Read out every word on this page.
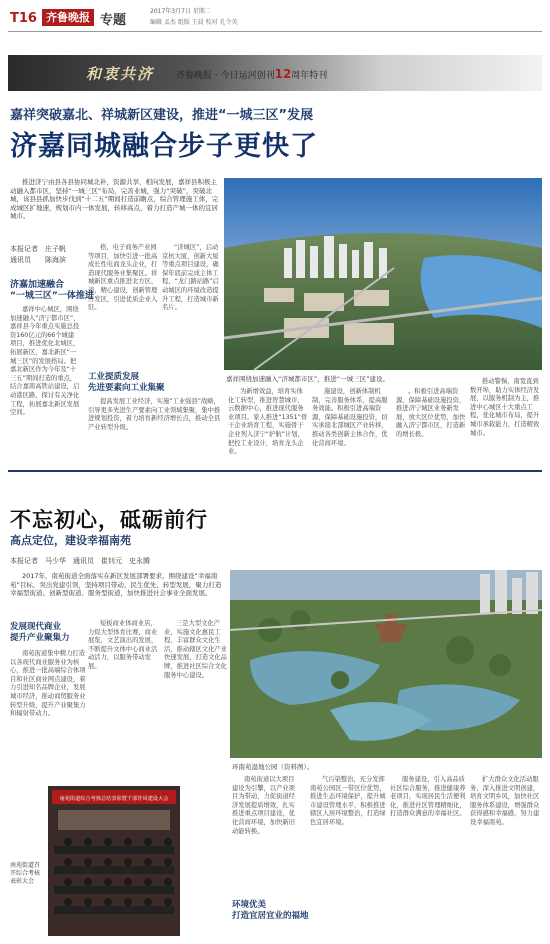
T16 齐鲁晚报 专题
2017年3月7日 星期二
编辑 孟杰 组版 王晨 校对 孔令英
和衷共济 齐鲁晚报 · 今日运河创刊12周年特刊
嘉祥突破嘉北、祥城新区建设，推进“一城三区”发展
济嘉同城融合步子更快了
推进济宁由县各县协同城北补，资源共享，相向发展，嘉祥县积极主动融入都市区，坚持“一城三区”布局，完善业城，强力“突破”，突破北城，该县县抓加快步伐到“十二五”期间打造前瞻点，综合管理施工体，完成城区扩地速，规划市内一体发展，转移高点，着力打造产城一体的宜居城市。
嘉祥围绕加速融入“济城都市区”，推进“一城三区”建设。
本报记者　庄子帆
通讯员　　陈海滨
济嘉加速融合
“一城三区”一体推进
嘉祥中心城区，围绕加速融入“济宁都市区”，嘉祥县今年重点实施总投资160亿元的66个城建项目，推进优化北城区，拓展新区，嘉北新区“一城三区”的发展格局。把嘉北新区作为今年及“十三五”期间打造的重点，结合嘉南高铁站建设，启动港区路，探讨有关净化工程，拓展嘉北新区发展空间。
格，电子商务产业园等项目，加快引进一批高成长性电商龙头企业，打造现代服务业集聚区。祥城新区重点推进北方区，道，精心建设，创新管理开发区，引进优质企业入驻。
“济城区”，启动京杭大厦，创新大厦等重点项目建设，确保年底前完成主体工程，“龙门路站路”启动城区的环境改造提升工程，打造城市新名片。
工业提质发展
先进要素向工业集聚
提高发展工业经济，实施“工业强县”战略，引导更多先进生产要素向工业领域集聚，集中推进规划投资，着力培育新经济增长点，推动全县产业转型升级。
为新增效益，培育实体化工转型，推进智慧城市，云数据中心，推进现代服务业项目。家人推进“1351”骨干企业培育工程，实施骨干企业列入济宁“护航”计划，把控工业设计，培育龙头企业。
施建设，创新体制机制，完善服务体系，提高服务效能。积极引进高端资源，保障基础设施投资，切实承接北部城区产业转移，推动各类创新主体合作，优化营商环境。
。积极引进高端资源，保障基础设施投资，推进济宁城区业务新发展，放大区位优势，加快融入济宁都市区，打造新的增长极。
推动警惕，南宽直到数开埠，助力实体经济发展，以服务机制为主，推进中心城区十大重点工程，优化城市布局，提升城市承载能力，打造精致城市。
不忘初心，砥砺前行
高点定位，建设幸福南苑
本报记者　马少华　通讯员　崔钊元　史永腾
2017年，南苑街道全面落实在新区发展部署要求，围绕建设“幸福南苑”目标，突出党建引领，坚持项目带动、民生优先、转型发展，聚力打造幸福型街道、创新型街道、服务型街道，加快推进社会事业全面发展。
环南苑湿地公园（资料图）。
发展现代商业
提升产业聚集力
南苑街道集中精力打造以各现代商业服务业为核心，推进一批高端综合体项目和社区商业网点建设，着力引进知名品牌企业，发展城市经济，推动商贸服务业转型升级，提升产业聚集力和辐射带动力。
短板商业体商业店，力促大型体育比赛，商业展览，文艺演出的发展，不断提升文体中心商业活动活力，以服务带动发展。
三是大型文化产业，实施文化惠民工程，丰富群众文化生活，推动辖区文化产业快速发展，打造文化品牌，推进社区综合文化服务中心建设。
南苑街道综合考核总结表彰暨千部作风建设大会
南苑街道召开综合考核表彰大会
南苑街道以大项目建设为引擎，以产业项目为带动，力促街道经济发展提质增效，扎实推进重点项目建设，优化营商环境，加快新旧动能转换。
环境优美
打造宜居宜业的福地
气污染整治，充分发挥南苑公园区一带区位优势，推进生态环境保护，提升城市建设管理水平，积极推进辖区人居环境整治，打造绿色宜居环境。
服务建设，引入高品质社区综合服务，推进健康养老项目，实现居民生活便利化，推进社区管理精细化，打造群众满意的幸福社区。
扩大群众文化活动服务，深入推进文明创建，培育文明乡风，加快社区服务体系建设，增强群众获得感和幸福感，努力建设幸福南苑。
